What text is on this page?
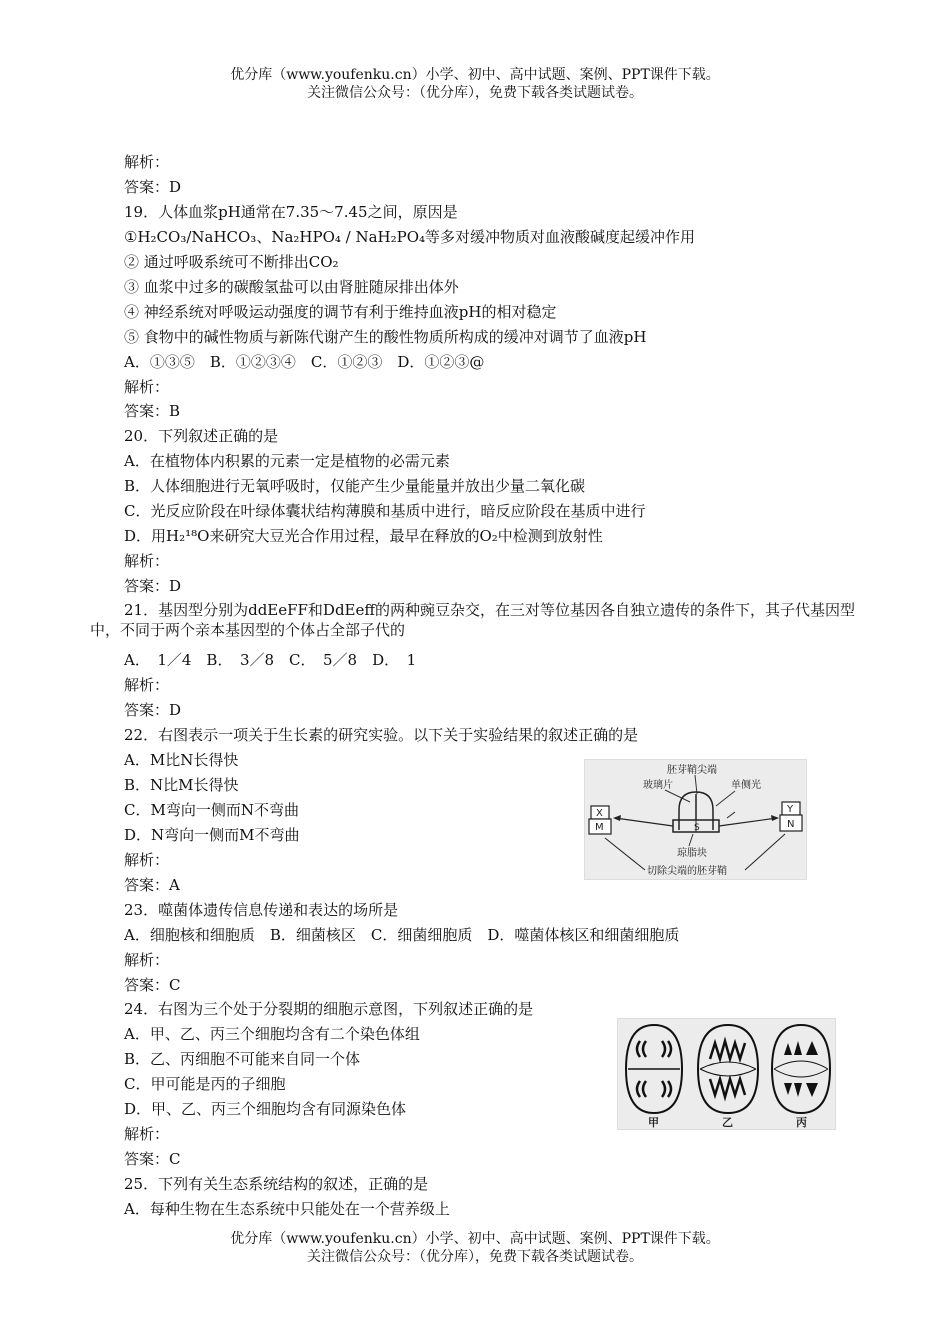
优分库（www.youfenku.cn）小学、初中、高中试题、案例、PPT课件下载。
关注微信公众号：（优分库），免费下载各类试题试卷。
解析：
答案：D
19．人体血浆pH通常在7.35～7.45之间，原因是
①H₂CO₃/NaHCO₃、Na₂HPO₄ / NaH₂PO₄等多对缓冲物质对血液酸碱度起缓冲作用
② 通过呼吸系统可不断排出CO₂
③ 血浆中过多的碳酸氢盐可以由肾脏随尿排出体外
④ 神经系统对呼吸运动强度的调节有利于维持血液pH的相对稳定
⑤ 食物中的碱性物质与新陈代谢产生的酸性物质所构成的缓冲对调节了血液pH
A．①③⑤　B．①②③④　C．①②③　D．①②③@
解析：
答案：B
20．下列叙述正确的是
A．在植物体内积累的元素一定是植物的必需元素
B．人体细胞进行无氧呼吸时，仅能产生少量能量并放出少量二氧化碳
C．光反应阶段在叶绿体囊状结构薄膜和基质中进行，暗反应阶段在基质中进行
D．用H₂¹⁸O来研究大豆光合作用过程，最早在释放的O₂中检测到放射性
解析：
答案：D
21．基因型分别为ddEeFF和DdEeff的两种豌豆杂交，在三对等位基因各自独立遗传的条件下，其子代基因型中，不同于两个亲本基因型的个体占全部子代的
A．　1／4　B．　3／8　C．　5／8　D．　1
解析：
答案：D
22．右图表示一项关于生长素的研究实验。以下关于实验结果的叙述正确的是
A．M比N长得快
B．N比M长得快
C．M弯向一侧而N不弯曲
D．N弯向一侧而M不弯曲
解析：
答案：A
胚芽鞘尖端
玻璃片	单侧光
S
琼脂块
X
M
Y
N
切除尖端的胚芽鞘
23．噬菌体遗传信息传递和表达的场所是
A．细胞核和细胞质　B．细菌核区　C．细菌细胞质　D．噬菌体核区和细菌细胞质
解析：
答案：C
24．右图为三个处于分裂期的细胞示意图，下列叙述正确的是
A．甲、乙、丙三个细胞均含有二个染色体组
B．乙、丙细胞不可能来自同一个体
C．甲可能是丙的子细胞
D．甲、乙、丙三个细胞均含有同源染色体
解析：
答案：C
甲	乙	丙
25．下列有关生态系统结构的叙述，正确的是
A．每种生物在生态系统中只能处在一个营养级上
优分库（www.youfenku.cn）小学、初中、高中试题、案例、PPT课件下载。
关注微信公众号：（优分库），免费下载各类试题试卷。
